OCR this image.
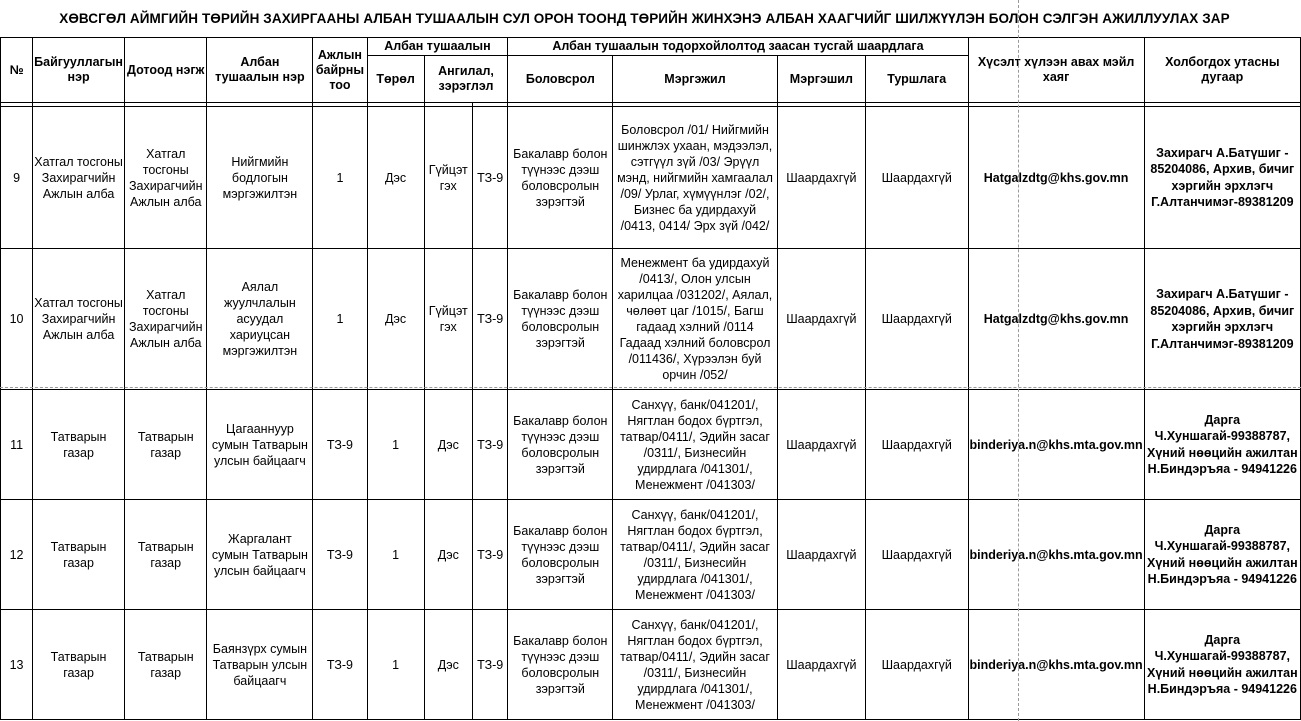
ХӨВСГӨЛ АЙМГИЙН ТӨРИЙН ЗАХИРГААНЫ АЛБАН ТУШААЛЫН СУЛ ОРОН ТООНД ТӨРИЙН ЖИНХЭНЭ АЛБАН ХААГЧИЙГ ШИЛЖҮҮЛЭН БОЛОН СЭЛГЭН АЖИЛЛУУЛАХ ЗАР
№	Байгууллагын нэр	Дотоод нэгж	Албан тушаалын нэр	Ажлын байрны тоо	Албан тушаалын			Албан тушаалын тодорхойлолтод заасан тусгай шаардлага				Хүсэлт хүлээн авах мэйл хаяг	Холбогдох утасны дугаар
					Төрөл	Ангилал, зэрэглэл		Боловсрол	Мэргэжил	Мэргэшил	Туршлага		

9	Хатгал тосгоны Захирагчийн Ажлын алба	Хатгал тосгоны Захирагчийн Ажлын алба	Нийгмийн бодлогын мэргэжилтэн	1	Дэс	Гүйцэт гэх	ТЗ-9	Бакалавр болон түүнээс дээш боловсролын зэрэгтэй	Боловсрол /01/ Нийгмийн шинжлэх ухаан, мэдээлэл, сэтгүүл зүй /03/ Эрүүл мэнд, нийгмийн хамгаалал /09/ Урлаг, хүмүүнлэг /02/, Бизнес ба удирдахуй /0413, 0414/ Эрх зүй /042/	Шаардахгүй	Шаардахгүй	Hatgalzdtg@khs.gov.mn	Захирагч А.Батүшиг - 85204086, Архив, бичиг хэргийн эрхлэгч Г.Алтанчимэг-89381209
10	Хатгал тосгоны Захирагчийн Ажлын алба	Хатгал тосгоны Захирагчийн Ажлын алба	Аялал жуулчлалын асуудал хариуцсан мэргэжилтэн	1	Дэс	Гүйцэт гэх	ТЗ-9	Бакалавр болон түүнээс дээш боловсролын зэрэгтэй	Менежмент ба удирдахуй /0413/, Олон улсын харилцаа /031202/, Аялал, чөлөөт цаг /1015/, Багш гадаад хэлний /0114 Гадаад хэлний боловсрол /011436/, Хүрээлэн буй орчин /052/	Шаардахгүй	Шаардахгүй	Hatgalzdtg@khs.gov.mn	Захирагч А.Батүшиг - 85204086, Архив, бичиг хэргийн эрхлэгч Г.Алтанчимэг-89381209
11	Татварын газар	Татварын газар	Цагааннуур сумын Татварын улсын байцаагч	ТЗ-9	1	Дэс	ТЗ-9	Бакалавр болон түүнээс дээш боловсролын зэрэгтэй	Санхүү, банк/041201/, Нягтлан бодох бүртгэл, татвар/0411/, Эдийн засаг /0311/, Бизнесийн удирдлага /041301/, Менежмент /041303/	Шаардахгүй	Шаардахгүй	binderiya.n@khs.mta.gov.mn	Дарга Ч.Хуншагай-99388787, Хүний нөөцийн ажилтан Н.Биндэръяа - 94941226
12	Татварын газар	Татварын газар	Жаргалант сумын Татварын улсын байцаагч	ТЗ-9	1	Дэс	ТЗ-9	Бакалавр болон түүнээс дээш боловсролын зэрэгтэй	Санхүү, банк/041201/, Нягтлан бодох бүртгэл, татвар/0411/, Эдийн засаг /0311/, Бизнесийн удирдлага /041301/, Менежмент /041303/	Шаардахгүй	Шаардахгүй	binderiya.n@khs.mta.gov.mn	Дарга Ч.Хуншагай-99388787, Хүний нөөцийн ажилтан Н.Биндэръяа - 94941226
13	Татварын газар	Татварын газар	Баянзүрх сумын Татварын улсын байцаагч	ТЗ-9	1	Дэс	ТЗ-9	Бакалавр болон түүнээс дээш боловсролын зэрэгтэй	Санхүү, банк/041201/, Нягтлан бодох бүртгэл, татвар/0411/, Эдийн засаг /0311/, Бизнесийн удирдлага /041301/, Менежмент /041303/	Шаардахгүй	Шаардахгүй	binderiya.n@khs.mta.gov.mn	Дарга Ч.Хуншагай-99388787, Хүний нөөцийн ажилтан Н.Биндэръяа - 94941226
